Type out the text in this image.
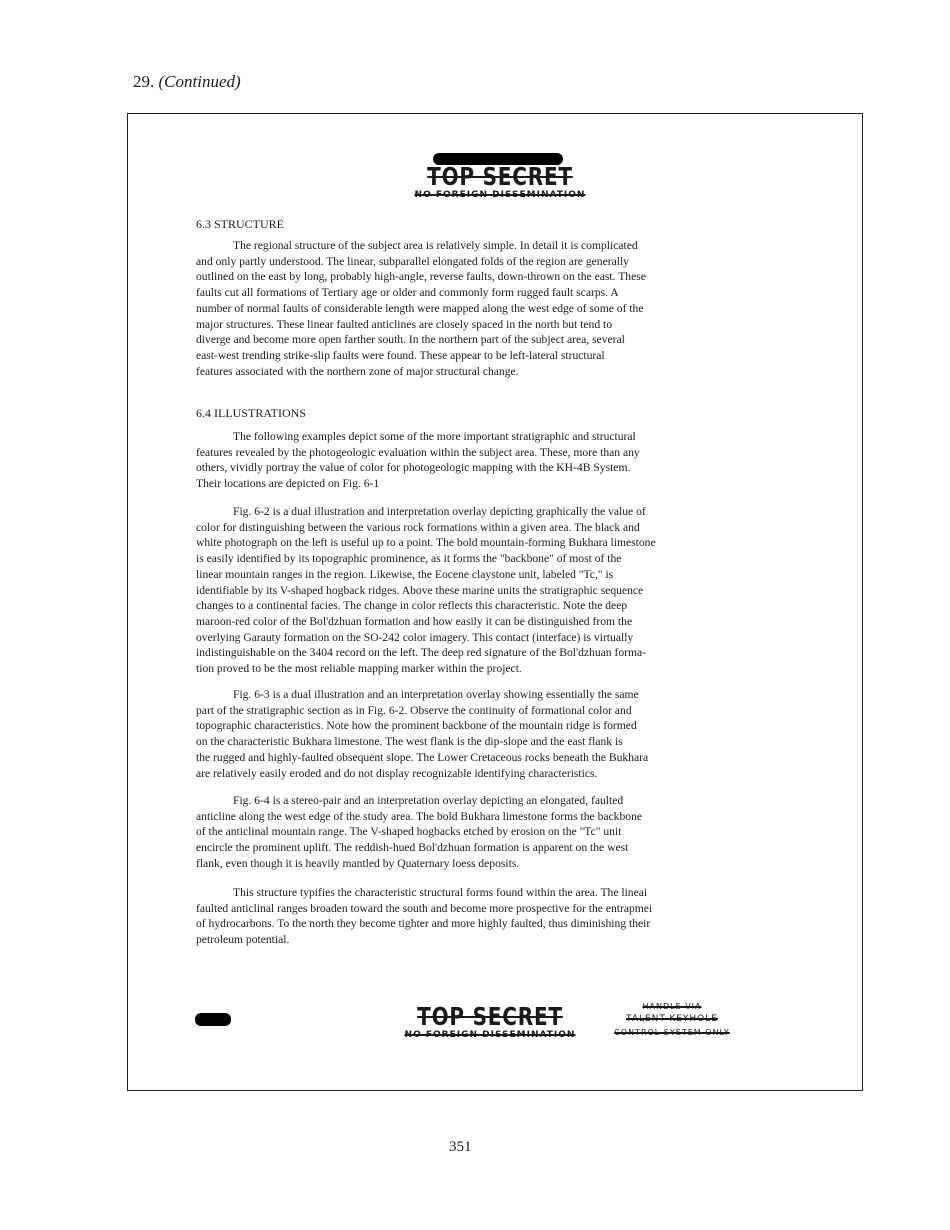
29. (Continued)
TOP SECRET
NO FOREIGN DISSEMINATION
6.3 STRUCTURE
The regional structure of the subject area is relatively simple. In detail it is complicated
and only partly understood. The linear, subparallel elongated folds of the region are generally
outlined on the east by long, probably high-angle, reverse faults, down-thrown on the east. These
faults cut all formations of Tertiary age or older and commonly form rugged fault scarps. A
number of normal faults of considerable length were mapped along the west edge of some of the
major structures. These linear faulted anticlines are closely spaced in the north but tend to
diverge and become more open farther south. In the northern part of the subject area, several
east-west trending strike-slip faults were found. These appear to be left-lateral structural
features associated with the northern zone of major structural change.
6.4 ILLUSTRATIONS
The following examples depict some of the more important stratigraphic and structural
features revealed by the photogeologic evaluation within the subject area. These, more than any
others, vividly portray the value of color for photogeologic mapping with the KH-4B System.
Their locations are depicted on Fig. 6-1
Fig. 6-2 is a dual illustration and interpretation overlay depicting graphically the value of
color for distinguishing between the various rock formations within a given area. The black and
white photograph on the left is useful up to a point. The bold mountain-forming Bukhara limestone
is easily identified by its topographic prominence, as it forms the "backbone" of most of the
linear mountain ranges in the region. Likewise, the Eocene claystone unit, labeled "Tc," is
identifiable by its V-shaped hogback ridges. Above these marine units the stratigraphic sequence
changes to a continental facies. The change in color reflects this characteristic. Note the deep
maroon-red color of the Bol'dzhuan formation and how easily it can be distinguished from the
overlying Garauty formation on the SO-242 color imagery. This contact (interface) is virtually
indistinguishable on the 3404 record on the left. The deep red signature of the Bol'dzhuan forma-
tion proved to be the most reliable mapping marker within the project.
Fig. 6-3 is a dual illustration and an interpretation overlay showing essentially the same
part of the stratigraphic section as in Fig. 6-2. Observe the continuity of formational color and
topographic characteristics. Note how the prominent backbone of the mountain ridge is formed
on the characteristic Bukhara limestone. The west flank is the dip-slope and the east flank is
the rugged and highly-faulted obsequent slope. The Lower Cretaceous rocks beneath the Bukhara
are relatively easily eroded and do not display recognizable identifying characteristics.
Fig. 6-4 is a stereo-pair and an interpretation overlay depicting an elongated, faulted
anticline along the west edge of the study area. The bold Bukhara limestone forms the backbone
of the anticlinal mountain range. The V-shaped hogbacks etched by erosion on the "Tc" unit
encircle the prominent uplift. The reddish-hued Bol'dzhuan formation is apparent on the west
flank, even though it is heavily mantled by Quaternary loess deposits.
This structure typifies the characteristic structural forms found within the area. The lineai
faulted anticlinal ranges broaden toward the south and become more prospective for the entrapmei
of hydrocarbons. To the north they become tighter and more highly faulted, thus diminishing their
petroleum potential.
TOP SECRET
NO FOREIGN DISSEMINATION
HANDLE VIA
TALENT-KEYHOLE
CONTROL SYSTEM ONLY
351
